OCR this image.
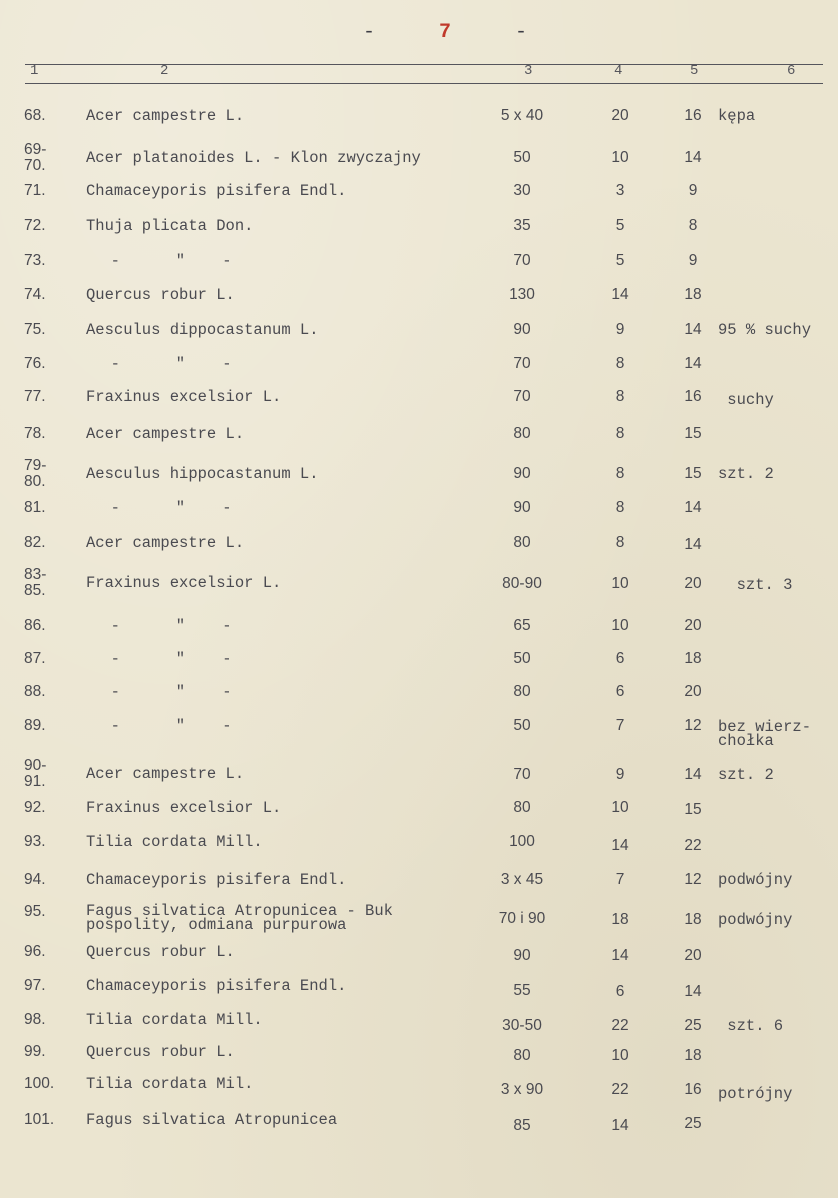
-	7	-
1	2	3	4	5	6
68.	Acer campestre L.	5 x 40	20	16	kępa
69-
70.	Acer platanoides L. - Klon zwyczajny	50	10	14
71.	Chamaceyporis pisifera Endl.	30	3	9
72.	Thuja plicata Don.	35	5	8
73.	-      "    -	70	5	9
74.	Quercus robur L.	130	14	18
75.	Aesculus dippocastanum L.	90	9	14	95 % suchy
76.	-      "    -	70	8	14
77.	Fraxinus excelsior L.	70	8	16	suchy
78.	Acer campestre L.	80	8	15
79-
80.	Aesculus hippocastanum L.	90	8	15	szt. 2
81.	-      "    -	90	8	14
82.	Acer campestre L.	80	8	14
83-
85.	Fraxinus excelsior L.	80-90	10	20	szt. 3
86.	-      "    -	65	10	20
87.	-      "    -	50	6	18
88.	-      "    -	80	6	20
89.	-      "    -	50	7	12	bez wierz-
chołka
90-
91.	Acer campestre L.	70	9	14	szt. 2
92.	Fraxinus excelsior L.	80	10	15
93.	Tilia cordata Mill.	100	14	22
94.	Chamaceyporis pisifera Endl.	3 x 45	7	12	podwójny
95.	Fagus silvatica Atropunicea - Buk
pospolity, odmiana purpurowa	70 i 90	18	18	podwójny
96.	Quercus robur L.	90	14	20
97.	Chamaceyporis pisifera Endl.	55	6	14
98.	Tilia cordata Mill.	30-50	22	25	szt. 6
99.	Quercus robur L.	80	10	18
100.	Tilia cordata Mil.	3 x 90	22	16	potrójny
101.	Fagus silvatica Atropunicea	85	14	25
